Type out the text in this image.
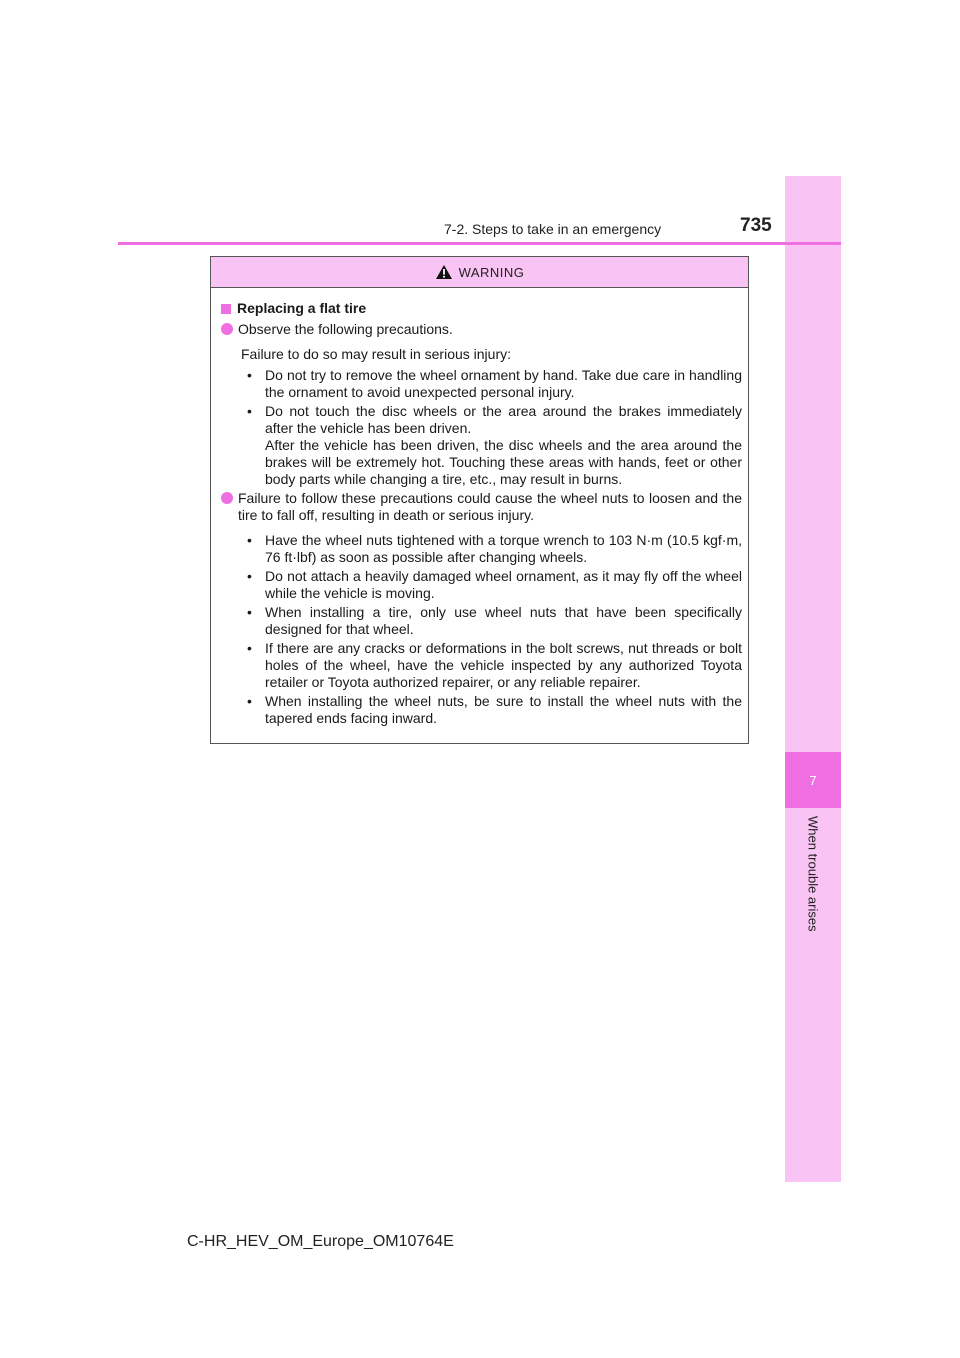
7
When trouble arises
7-2. Steps to take in an emergency	735
WARNING
Replacing a flat tire
Observe the following precautions.
Failure to do so may result in serious injury:
• Do not try to remove the wheel ornament by hand. Take due care in handling the ornament to avoid unexpected personal injury.
• Do not touch the disc wheels or the area around the brakes immediately after the vehicle has been driven.
After the vehicle has been driven, the disc wheels and the area around the brakes will be extremely hot. Touching these areas with hands, feet or other body parts while changing a tire, etc., may result in burns.
Failure to follow these precautions could cause the wheel nuts to loosen and the tire to fall off, resulting in death or serious injury.
• Have the wheel nuts tightened with a torque wrench to 103 N·m (10.5 kgf·m, 76 ft·lbf) as soon as possible after changing wheels.
• Do not attach a heavily damaged wheel ornament, as it may fly off the wheel while the vehicle is moving.
• When installing a tire, only use wheel nuts that have been specifically designed for that wheel.
• If there are any cracks or deformations in the bolt screws, nut threads or bolt holes of the wheel, have the vehicle inspected by any authorized Toyota retailer or Toyota authorized repairer, or any reliable repairer.
• When installing the wheel nuts, be sure to install the wheel nuts with the tapered ends facing inward.
C-HR_HEV_OM_Europe_OM10764E
